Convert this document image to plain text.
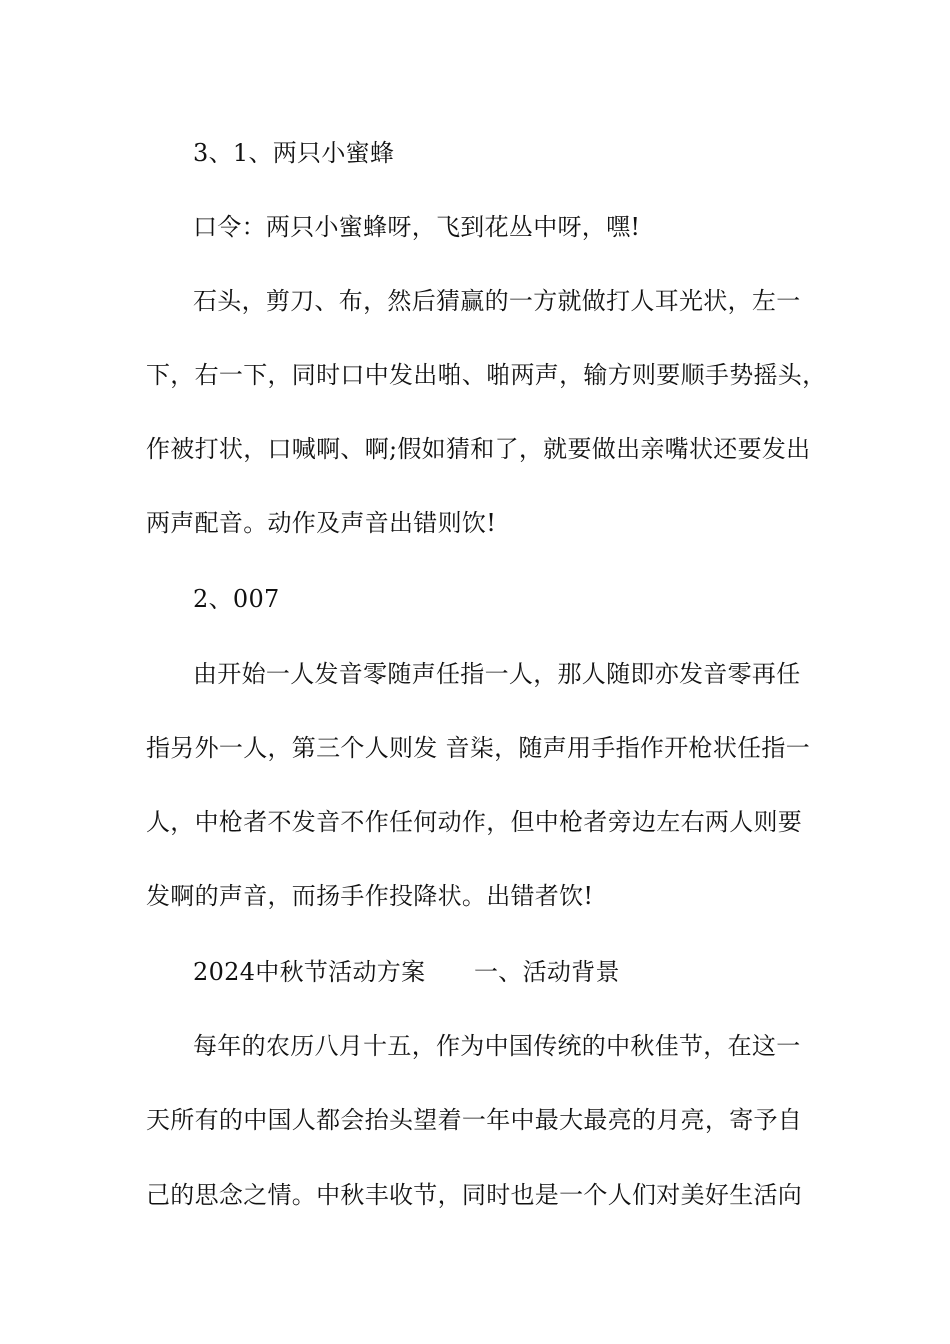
3、1、两只小蜜蜂
口令：两只小蜜蜂呀，飞到花丛中呀，嘿!
石头，剪刀、布，然后猜赢的一方就做打人耳光状，左一
下，右一下，同时口中发出啪、啪两声，输方则要顺手势摇头，
作被打状，口喊啊、啊;假如猜和了，就要做出亲嘴状还要发出
两声配音。动作及声音出错则饮!
2、007
由开始一人发音零随声任指一人，那人随即亦发音零再任
指另外一人，第三个人则发 音柒，随声用手指作开枪状任指一
人，中枪者不发音不作任何动作，但中枪者旁边左右两人则要
发啊的声音，而扬手作投降状。出错者饮!
2024中秋节活动方案　　一、活动背景
每年的农历八月十五，作为中国传统的中秋佳节，在这一
天所有的中国人都会抬头望着一年中最大最亮的月亮，寄予自
己的思念之情。中秋丰收节，同时也是一个人们对美好生活向
